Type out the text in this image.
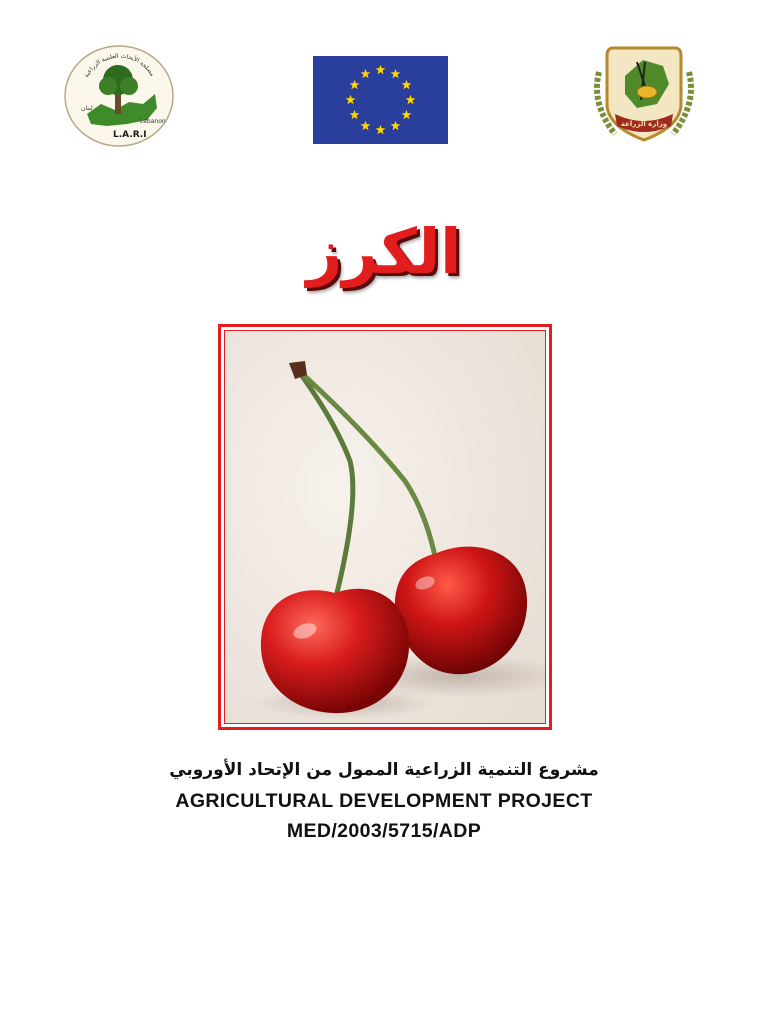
مصلحة الأبحاث العلمية الزراعية
L.A.R.I
Lebanon
لبنان
وزارة الزراعة
الكرز
مشروع التنمية الزراعية الممول من الإتحاد الأوروبي
AGRICULTURAL DEVELOPMENT PROJECT
MED/2003/5715/ADP
